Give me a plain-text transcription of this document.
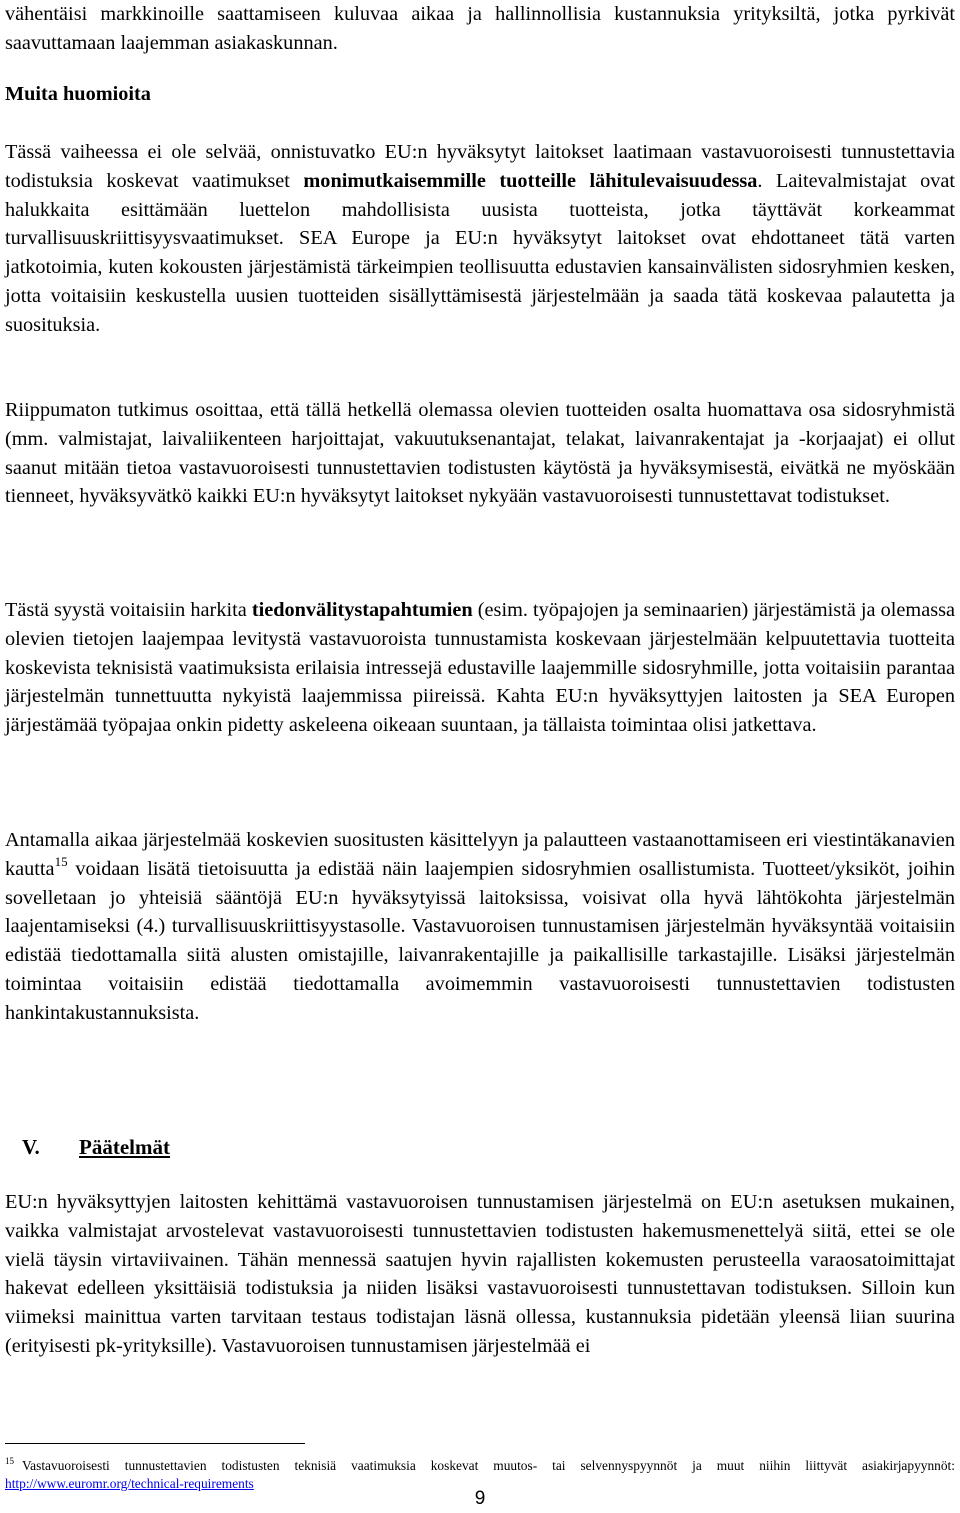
vähentäisi markkinoille saattamiseen kuluvaa aikaa ja hallinnollisia kustannuksia yrityksiltä, jotka pyrkivät saavuttamaan laajemman asiakaskunnan.

Muita huomioita

Tässä vaiheessa ei ole selvää, onnistuvatko EU:n hyväksytyt laitokset laatimaan vastavuoroisesti tunnustettavia todistuksia koskevat vaatimukset monimutkaisemmille tuotteille lähitulevaisuudessa. Laitevalmistajat ovat halukkaita esittämään luettelon mahdollisista uusista tuotteista, jotka täyttävät korkeammat turvallisuuskriittisyysvaatimukset. SEA Europe ja EU:n hyväksytyt laitokset ovat ehdottaneet tätä varten jatkotoimia, kuten kokousten järjestämistä tärkeimpien teollisuutta edustavien kansainvälisten sidosryhmien kesken, jotta voitaisiin keskustella uusien tuotteiden sisällyttämisestä järjestelmään ja saada tätä koskevaa palautetta ja suosituksia.

Riippumaton tutkimus osoittaa, että tällä hetkellä olemassa olevien tuotteiden osalta huomattava osa sidosryhmistä (mm. valmistajat, laivaliikenteen harjoittajat, vakuutuksenantajat, telakat, laivanrakentajat ja -korjaajat) ei ollut saanut mitään tietoa vastavuoroisesti tunnustettavien todistusten käytöstä ja hyväksymisestä, eivätkä ne myöskään tienneet, hyväksyvätkö kaikki EU:n hyväksytyt laitokset nykyään vastavuoroisesti tunnustettavat todistukset.

Tästä syystä voitaisiin harkita tiedonvälitystapahtumien (esim. työpajojen ja seminaarien) järjestämistä ja olemassa olevien tietojen laajempaa levitystä vastavuoroista tunnustamista koskevaan järjestelmään kelpuutettavia tuotteita koskevista teknisistä vaatimuksista erilaisia intressejä edustaville laajemmille sidosryhmille, jotta voitaisiin parantaa järjestelmän tunnettuutta nykyistä laajemmissa piireissä. Kahta EU:n hyväksyttyjen laitosten ja SEA Europen järjestämää työpajaa onkin pidetty askeleena oikeaan suuntaan, ja tällaista toimintaa olisi jatkettava.

Antamalla aikaa järjestelmää koskevien suositusten käsittelyyn ja palautteen vastaanottamiseen eri viestintäkanavien kautta$^{15}$ voidaan lisätä tietoisuutta ja edistää näin laajempien sidosryhmien osallistumista. Tuotteet/yksiköt, joihin sovelletaan jo yhteisiä sääntöjä EU:n hyväksytyissä laitoksissa, voisivat olla hyvä lähtökohta järjestelmän laajentamiseksi (4.) turvallisuuskriittisyystasolle. Vastavuoroisen tunnustamisen järjestelmän hyväksyntää voitaisiin edistää tiedottamalla siitä alusten omistajille, laivanrakentajille ja paikallisille tarkastajille. Lisäksi järjestelmän toimintaa voitaisiin edistää tiedottamalla avoimemmin vastavuoroisesti tunnustettavien todistusten hankintakustannuksista.

V. Päätelmät

EU:n hyväksyttyjen laitosten kehittämä vastavuoroisen tunnustamisen järjestelmä on EU:n asetuksen mukainen, vaikka valmistajat arvostelevat vastavuoroisesti tunnustettavien todistusten hakemusmenettelyä siitä, ettei se ole vielä täysin virtaviivainen. Tähän mennessä saatujen hyvin rajallisten kokemusten perusteella varaosatoimittajat hakevat edelleen yksittäisiä todistuksia ja niiden lisäksi vastavuoroisesti tunnustettavan todistuksen. Silloin kun viimeksi mainittua varten tarvitaan testaus todistajan läsnä ollessa, kustannuksia pidetään yleensä liian suurina (erityisesti pk-yrityksille). Vastavuoroisen tunnustamisen järjestelmää ei

$^{15}$ Vastavuoroisesti tunnustettavien todistusten teknisiä vaatimuksia koskevat muutos- tai selvennyspyynnöt ja muut niihin liittyvät asiakirjapyynnöt: http://www.euromr.org/technical-requirements
9
